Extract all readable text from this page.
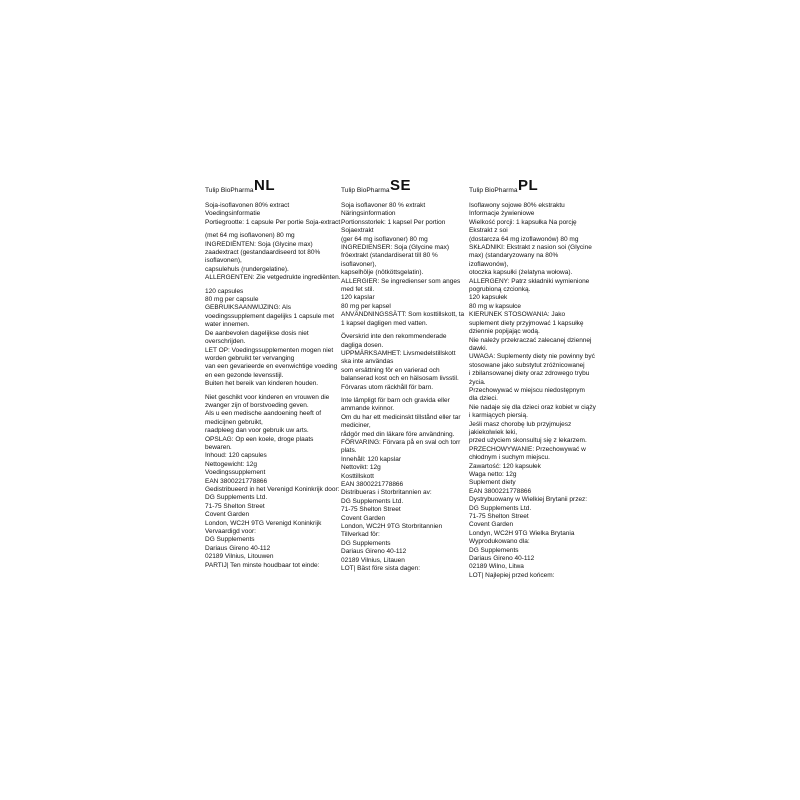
Tulip BioPharma NL
Soja-isoflavonen 80% extract
Voedingsinformatie
Portiegrootte: 1 capsule Per portie Soja-extract
(met 64 mg isoflavonen) 80 mg
INGREDIËNTEN: Soja (Glycine max)
zaadextract (gestandaardiseerd tot 80%
isoflavonen),
capsulehuls (rundergelatine).
ALLERGENTEN: Zie vetgedrukte ingrediënten.
120 capsules
80 mg per capsule
GEBRUIKSAANWIJZING: Als
voedingssupplement dagelijks 1 capsule met
water innemen.
De aanbevolen dagelijkse dosis niet
overschrijden.
LET OP: Voedingssupplementen mogen niet
worden gebruikt ter vervanging
van een gevarieerde en evenwichtige voeding
en een gezonde levensstijl.
Buiten het bereik van kinderen houden.
Niet geschikt voor kinderen en vrouwen die
zwanger zijn of borstvoeding geven.
Als u een medische aandoening heeft of
medicijnen gebruikt,
raadpleeg dan voor gebruik uw arts.
OPSLAG: Op een koele, droge plaats
bewaren.
Inhoud: 120 capsules
Nettogewicht: 12g
Voedingssupplement
EAN 3800221778866
Gedistribueerd in het Verenigd Koninkrijk door:
DG Supplements Ltd.
71-75 Shelton Street
Covent Garden
London, WC2H 9TG Verenigd Koninkrijk
Vervaardigd voor:
DG Supplements
Dariaus Gireno 40-112
02189 Vilnius, Litouwen
PARTIJ| Ten minste houdbaar tot einde:
Tulip BioPharma SE
Soja isoflavoner 80 % extrakt
Näringsinformation
Portionsstorlek: 1 kapsel Per portion
Sojaextrakt
(ger 64 mg isoflavoner) 80 mg
INGREDIENSER: Soja (Glycine max)
fröextrakt (standardiserat till 80 %
isoflavoner),
kapselhölje (nötköttsgelatin).
ALLERGIER: Se ingredienser som anges
med fet stil.
120 kapslar
80 mg per kapsel
ANVÄNDNINGSSÄTT: Som kosttillskott, ta
1 kapsel dagligen med vatten.
Överskrid inte den rekommenderade
dagliga dosen.
UPPMÄRKSAMHET: Livsmedelstillskott
ska inte användas
som ersättning för en varierad och
balanserad kost och en hälsosam livsstil.
Förvaras utom räckhåll för barn.
Inte lämpligt för barn och gravida eller
ammande kvinnor.
Om du har ett medicinskt tillstånd eller tar
mediciner,
rådgör med din läkare före användning.
FÖRVARING: Förvara på en sval och torr
plats.
Innehåll: 120 kapslar
Nettovikt: 12g
Kosttillskott
EAN 3800221778866
Distribueras i Storbritannien av:
DG Supplements Ltd.
71-75 Shelton Street
Covent Garden
London, WC2H 9TG Storbritannien
Tillverkad för:
DG Supplements
Dariaus Gireno 40-112
02189 Vilnius, Litauen
LOT| Bäst före sista dagen:
Tulip BioPharma PL
Isoflawony sojowe 80% ekstraktu
Informacje żywieniowe
Wielkość porcji: 1 kapsułka Na porcję
Ekstrakt z soi
(dostarcza 64 mg izoflawonów) 80 mg
SKŁADNIKI: Ekstrakt z nasion soi (Glycine
max) (standaryzowany na 80%
izoflawonów),
otoczka kapsułki (żelatyna wołowa).
ALLERGENY: Patrz składniki wymienione
pogrubioną czcionką.
120 kapsułek
80 mg w kapsułce
KIERUNEK STOSOWANIA: Jako
suplement diety przyjmować 1 kapsułkę
dziennie popijając wodą.
Nie należy przekraczać zalecanej dziennej
dawki.
UWAGA: Suplementy diety nie powinny być
stosowane jako substytut zróżnicowanej
i zbilansowanej diety oraz zdrowego trybu
życia.
Przechowywać w miejscu niedostępnym
dla dzieci.
Nie nadaje się dla dzieci oraz kobiet w ciąży
i karmiących piersią.
Jeśli masz chorobę lub przyjmujesz
jakiekolwiek leki,
przed użyciem skonsultuj się z lekarzem.
PRZECHOWYWANIE: Przechowywać w
chłodnym i suchym miejscu.
Zawartość: 120 kapsułek
Waga netto: 12g
Suplement diety
EAN 3800221778866
Dystrybuowany w Wielkiej Brytanii przez:
DG Supplements Ltd.
71-75 Shelton Street
Covent Garden
Londyn, WC2H 9TG Wielka Brytania
Wyprodukowano dla:
DG Supplements
Dariaus Gireno 40-112
02189 Wilno, Litwa
LOT| Najlepiej przed końcem:
